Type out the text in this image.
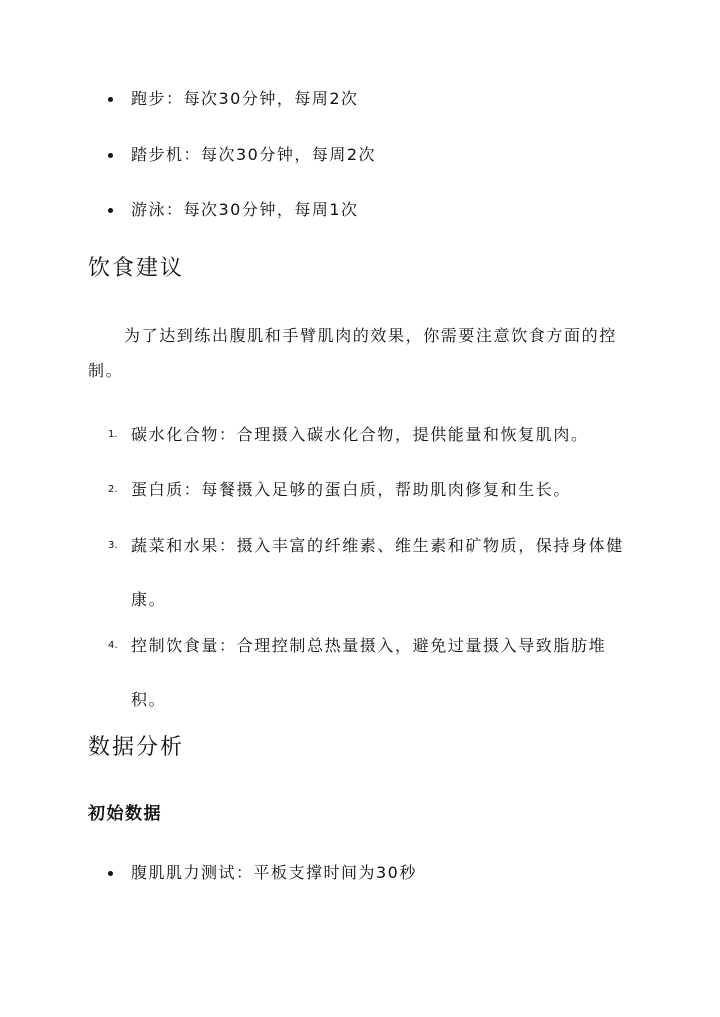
跑步：每次30分钟，每周2次
踏步机：每次30分钟，每周2次
游泳：每次30分钟，每周1次
饮食建议

为了达到练出腹肌和手臂肌肉的效果，你需要注意饮食方面的控制。

1. 碳水化合物：合理摄入碳水化合物，提供能量和恢复肌肉。
2. 蛋白质：每餐摄入足够的蛋白质，帮助肌肉修复和生长。
3. 蔬菜和水果：摄入丰富的纤维素、维生素和矿物质，保持身体健康。
4. 控制饮食量：合理控制总热量摄入，避免过量摄入导致脂肪堆积。
数据分析
初始数据
腹肌肌力测试：平板支撑时间为30秒
